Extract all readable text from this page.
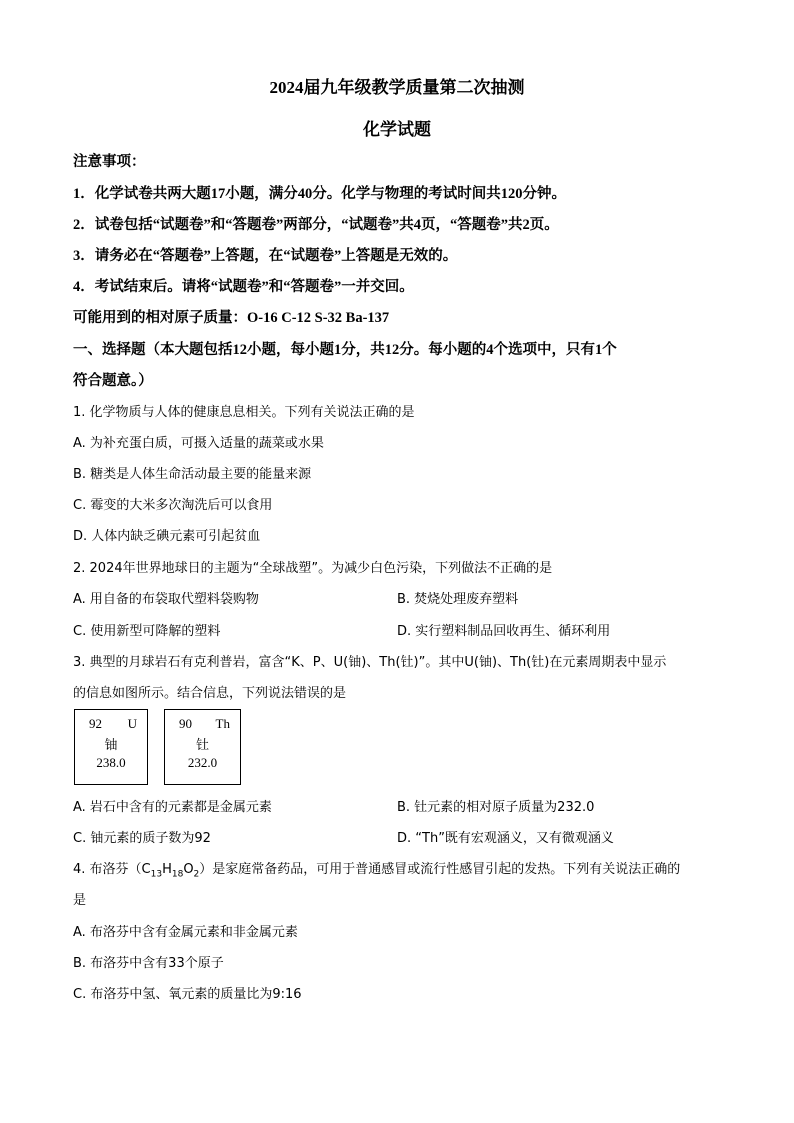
2024届九年级教学质量第二次抽测
化学试题
注意事项：
1．化学试卷共两大题17小题，满分40分。化学与物理的考试时间共120分钟。
2．试卷包括“试题卷”和“答题卷”两部分，“试题卷”共4页，“答题卷”共2页。
3．请务必在“答题卷”上答题，在“试题卷”上答题是无效的。
4．考试结束后。请将“试题卷”和“答题卷”一并交回。
可能用到的相对原子质量：O-16 C-12 S-32 Ba-137
一、选择题（本大题包括12小题，每小题1分，共12分。每小题的4个选项中，只有1个
符合题意。）
1. 化学物质与人体的健康息息相关。下列有关说法正确的是
A. 为补充蛋白质，可摄入适量的蔬菜或水果
B. 糖类是人体生命活动最主要的能量来源
C. 霉变的大米多次淘洗后可以食用
D. 人体内缺乏碘元素可引起贫血
2. 2024年世界地球日的主题为“全球战塑”。为减少白色污染，下列做法不正确的是
A. 用自备的布袋取代塑料袋购物	B. 焚烧处理废弃塑料
C. 使用新型可降解的塑料	D. 实行塑料制品回收再生、循环利用
3. 典型的月球岩石有克利普岩，富含“K、P、U(铀)、Th(钍)”。其中U(铀)、Th(钍)在元素周期表中显示
的信息如图所示。结合信息，下列说法错误的是
92 U
铀
238.0
90 Th
钍
232.0
A. 岩石中含有的元素都是金属元素	B. 钍元素的相对原子质量为232.0
C. 铀元素的质子数为92	D. “Th”既有宏观涵义，又有微观涵义
4. 布洛芬$(C_{13}H_{18}O_2)$是家庭常备药品，可用于普通感冒或流行性感冒引起的发热。下列有关说法正确的
是
A. 布洛芬中含有金属元素和非金属元素
B. 布洛芬中含有33个原子
C. 布洛芬中氢、氧元素的质量比为9:16
